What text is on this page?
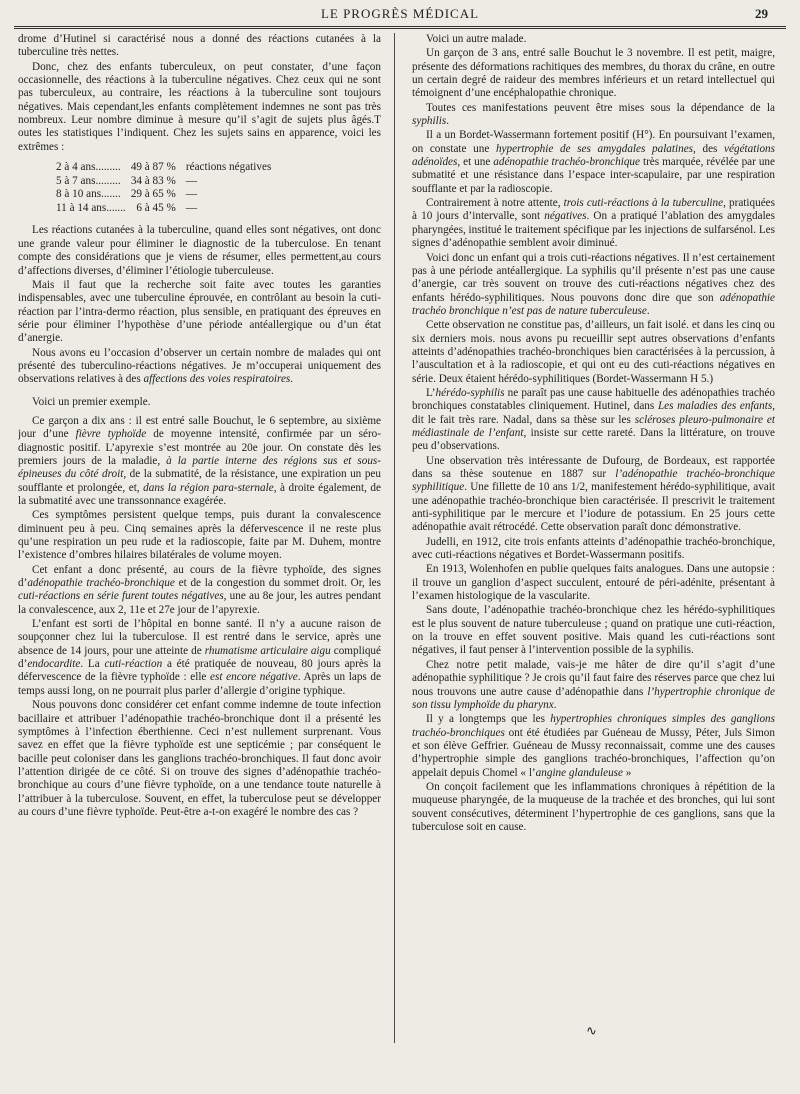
LE PROGRÈS MÉDICAL	29

drome d’Hutinel si caractérisé nous a donné des réactions cutanées à la tuberculine très nettes.

Donc, chez des enfants tuberculeux, on peut constater, d’une façon occasionnelle, des réactions à la tuberculine négatives. Chez ceux qui ne sont pas tuberculeux, au contraire, les réactions à la tuberculine sont toujours négatives. Mais cependant,les enfants complètement indemnes ne sont pas très nombreux. Leur nombre diminue à mesure qu’il s’agit de sujets plus âgés.T outes les statistiques l’indiquent. Chez les sujets sains en apparence, voici les extrêmes :

2 à 4 ans.........	49 à 87 %	réactions négatives
5 à 7 ans.........	34 à 83 %	—
8 à 10 ans.......	29 à 65 %	—
11 à 14 ans.......	6 à 45 %	—

Les réactions cutanées à la tuberculine, quand elles sont négatives, ont donc une grande valeur pour éliminer le diagnostic de la tuberculose. En tenant compte des considérations que je viens de résumer, elles permettent,au cours d’affections diverses, d’éliminer l’étiologie tuberculeuse.

Mais il faut que la recherche soit faite avec toutes les garanties indispensables, avec une tuberculine éprouvée, en contrôlant au besoin la cuti-réaction par l’intra-dermo réaction, plus sensible, en pratiquant des épreuves en série pour éliminer l’hypothèse d’une période antéallergique ou d’un état d’anergie.

Nous avons eu l’occasion d’observer un certain nombre de malades qui ont présenté des tuberculino-réactions négatives. Je m’occuperai uniquement des observations relatives à des affections des voies respiratoires.

Voici un premier exemple.

Ce garçon a dix ans : il est entré salle Bouchut, le 6 septembre, au sixième jour d’une fièvre typhoïde de moyenne intensité, confirmée par un séro-diagnostic positif. L’apyrexie s’est montrée au 20e jour. On constate dès les premiers jours de la maladie, à la partie interne des régions sus et sous-épineuses du côté droit, de la submatité, de la résistance, une expiration un peu soufflante et prolongée, et, dans la région para-sternale, à droite également, de la submatité avec une transsonnance exagérée.

Ces symptômes persistent quelque temps, puis durant la convalescence diminuent peu à peu. Cinq semaines après la défervescence il ne reste plus qu’une respiration un peu rude et la radioscopie, faite par M. Duhem, montre l’existence d’ombres hilaires bilatérales de volume moyen.

Cet enfant a donc présenté, au cours de la fièvre typhoïde, des signes d’adénopathie trachéo-bronchique et de la congestion du sommet droit. Or, les cuti-réactions en série furent toutes négatives, une au 8e jour, les autres pendant la convalescence, aux 2, 11e et 27e jour de l’apyrexie.

L’enfant est sorti de l’hôpital en bonne santé. Il n’y a aucune raison de soupçonner chez lui la tuberculose. Il est rentré dans le service, après une absence de 14 jours, pour une atteinte de rhumatisme articulaire aigu compliqué d’endocardite. La cuti-réaction a été pratiquée de nouveau, 80 jours après la défervescence de la fièvre typhoïde : elle est encore négative. Après un laps de temps aussi long, on ne pourrait plus parler d’allergie d’origine typhique.

Nous pouvons donc considérer cet enfant comme indemne de toute infection bacillaire et attribuer l’adénopathie trachéo-bronchique dont il a présenté les symptômes à l’infection éberthienne. Ceci n’est nullement surprenant. Vous savez en effet que la fièvre typhoïde est une septicémie ; par conséquent le bacille peut coloniser dans les ganglions trachéo-bronchiques. Il faut donc avoir l’attention dirigée de ce côté. Si on trouve des signes d’adénopathie trachéo-bronchique au cours d’une fièvre typhoïde, on a une tendance toute naturelle à l’attribuer à la tuberculose. Souvent, en effet, la tuberculose peut se développer au cours d’une fièvre typhoïde. Peut-être a-t-on exagéré le nombre des cas ?

Voici un autre malade.

Un garçon de 3 ans, entré salle Bouchut le 3 novembre. Il est petit, maigre, présente des déformations rachitiques des membres, du thorax du crâne, en outre un certain degré de raideur des membres inférieurs et un retard intellectuel qui témoignent d’une encéphalopathie chronique.

Toutes ces manifestations peuvent être mises sous la dépendance de la syphilis.

Il a un Bordet-Wassermann fortement positif (H°). En poursuivant l’examen, on constate une hypertrophie de ses amygdales palatines, des végétations adénoïdes, et une adénopathie trachéo-bronchique très marquée, révélée par une submatité et une résistance dans l’espace inter-scapulaire, par une respiration soufflante et par la radioscopie.

Contrairement à notre attente, trois cuti-réactions à la tuberculine, pratiquées à 10 jours d’intervalle, sont négatives. On a pratiqué l’ablation des amygdales pharyngées, institué le traitement spécifique par les injections de sulfarsénol. Les signes d’adénopathie semblent avoir diminué.

Voici donc un enfant qui a trois cuti-réactions négatives. Il n’est certainement pas à une période antéallergique. La syphilis qu’il présente n’est pas une cause d’anergie, car très souvent on trouve des cuti-réactions négatives chez des enfants hérédo-syphilitiques. Nous pouvons donc dire que son adénopathie trachéo bronchique n’est pas de nature tuberculeuse.

Cette observation ne constitue pas, d’ailleurs, un fait isolé. et dans les cinq ou six derniers mois. nous avons pu recueillir sept autres observations d’enfants atteints d’adénopathies trachéo-bronchiques bien caractérisées à la percussion, à l’auscultation et à la radioscopie, et qui ont eu des cuti-réactions négatives en série. Deux étaient hérédo-syphilitiques (Bordet-Wassermann H 5.)

L’hérédo-syphilis ne paraît pas une cause habituelle des adénopathies trachéo bronchiques constatables cliniquement. Hutinel, dans Les maladies des enfants, dit le fait très rare. Nadal, dans sa thèse sur les scléroses pleuro-pulmonaire et médiastinale de l’enfant, insiste sur cette rareté. Dans la littérature, on trouve peu d’observations.

Une observation très intéressante de Dufourg, de Bordeaux, est rapportée dans sa thèse soutenue en 1887 sur l’adénopathie trachéo-bronchique syphilitique. Une fillette de 10 ans 1/2, manifestement hérédo-syphilitique, avait une adénopathie trachéo-bronchique bien caractérisée. Il prescrivit le traitement anti-syphilitique par le mercure et l’iodure de potassium. En 25 jours cette adénopathie avait rétrocédé. Cette observation paraît donc démonstrative.

Judelli, en 1912, cite trois enfants atteints d’adénopathie trachéo-bronchique, avec cuti-réactions négatives et Bordet-Wassermann positifs.

En 1913, Wolenhofen en publie quelques faits analogues. Dans une autopsie : il trouve un ganglion d’aspect succulent, entouré de péri-adénite, présentant à l’examen histologique de la vascularite.

Sans doute, l’adénopathie trachéo-bronchique chez les hérédo-syphilitiques est le plus souvent de nature tuberculeuse ; quand on pratique une cuti-réaction, on la trouve en effet souvent positive. Mais quand les cuti-réactions sont négatives, il faut penser à l’intervention possible de la syphilis.

Chez notre petit malade, vais-je me hâter de dire qu’il s’agit d’une adénopathie syphilitique ? Je crois qu’il faut faire des réserves parce que chez lui nous trouvons une autre cause d’adénopathie dans l’hypertrophie chronique de son tissu lymphoïde du pharynx.

Il y a longtemps que les hypertrophies chroniques simples des ganglions trachéo-bronchiques ont été étudiées par Guéneau de Mussy, Péter, Juls Simon et son élève Geffrier. Guéneau de Mussy reconnaissait, comme une des causes d’hypertrophie simple des ganglions trachéo-bronchiques, l’affection qu’on appelait depuis Chomel « l’angine glanduleuse »

On conçoit facilement que les inflammations chroniques à répétition de la muqueuse pharyngée, de la muqueuse de la trachée et des bronches, qui lui sont souvent consécutives, déterminent l’hypertrophie de ces ganglions, sans que la tuberculose soit en cause.

∿
